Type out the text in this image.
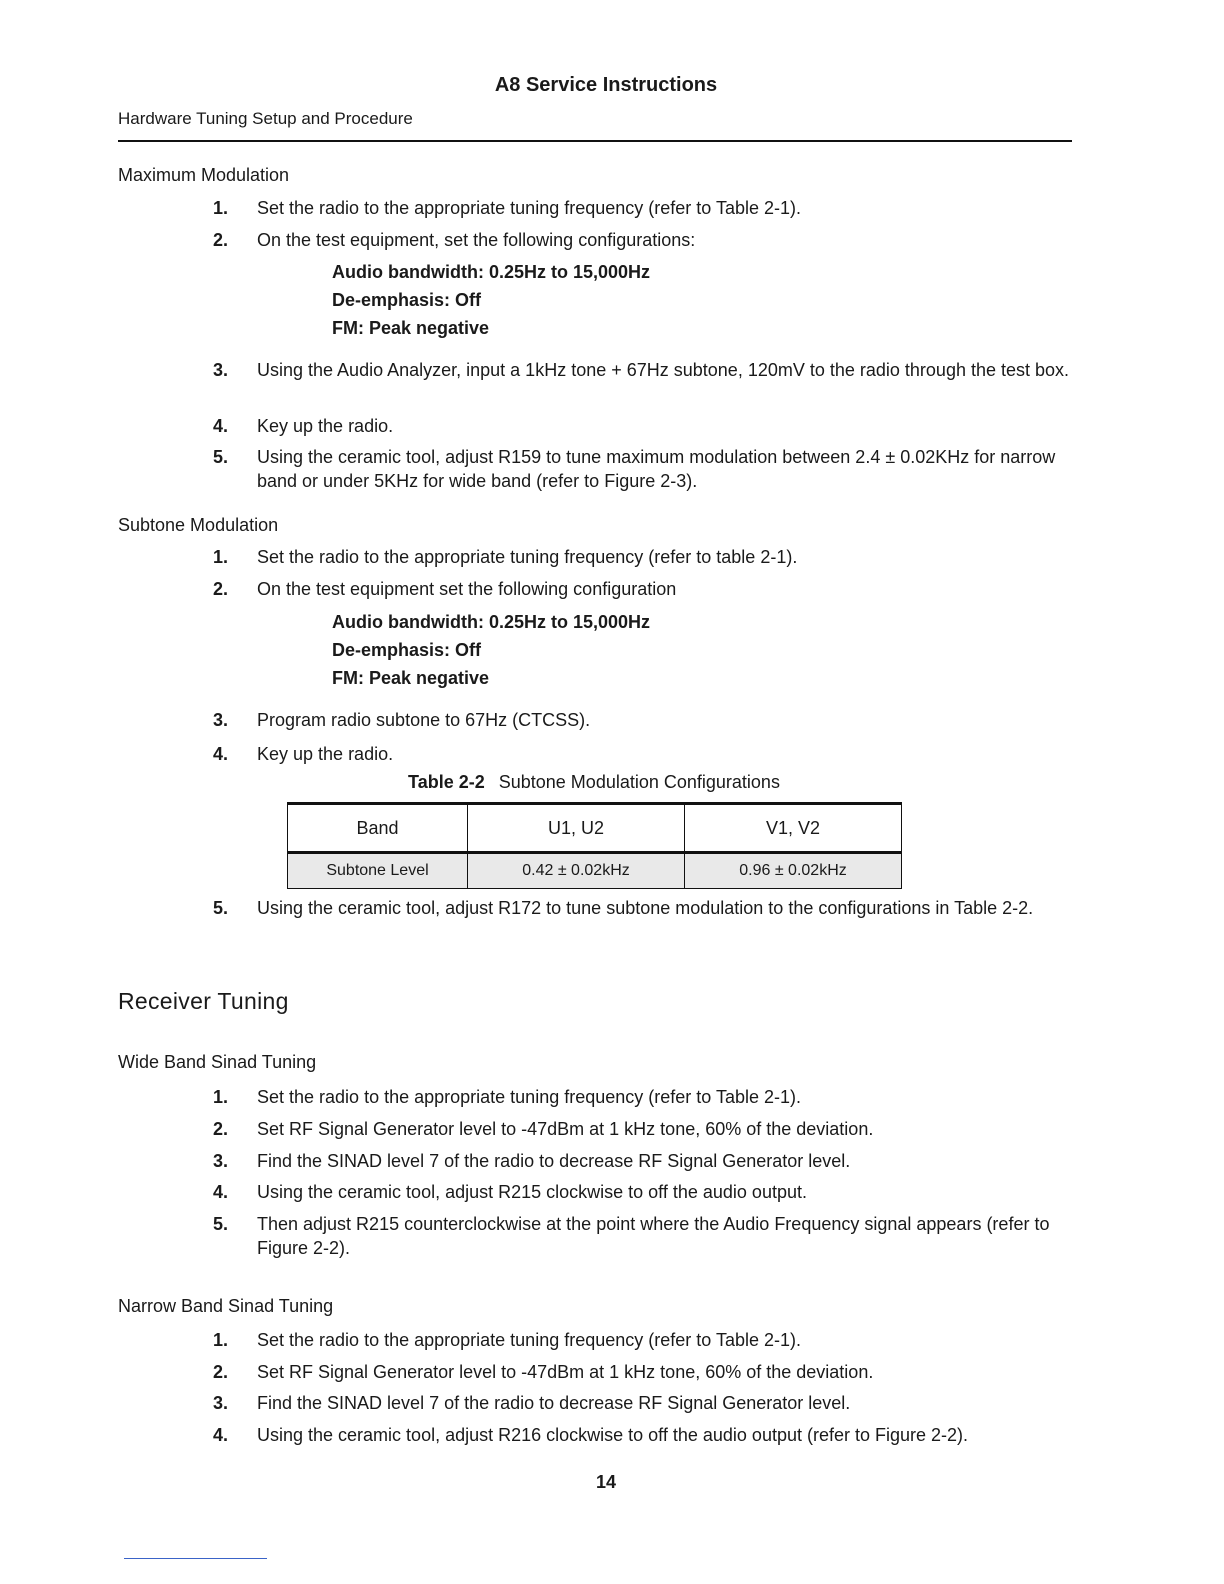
A8 Service Instructions
Hardware Tuning Setup and Procedure
Maximum Modulation
1. Set the radio to the appropriate tuning frequency (refer to Table 2-1).
2. On the test equipment, set the following configurations:
Audio bandwidth: 0.25Hz to 15,000Hz
De-emphasis: Off
FM: Peak negative
3. Using the Audio Analyzer, input a 1kHz tone + 67Hz subtone, 120mV to the radio through the test box.
4. Key up the radio.
5. Using the ceramic tool, adjust R159 to tune maximum modulation between 2.4 ± 0.02KHz for narrow band or under 5KHz for wide band (refer to Figure 2-3).
Subtone Modulation
1. Set the radio to the appropriate tuning frequency (refer to table 2-1).
2. On the test equipment set the following configuration
Audio bandwidth: 0.25Hz to 15,000Hz
De-emphasis: Off
FM: Peak negative
3. Program radio subtone to 67Hz (CTCSS).
4. Key up the radio.
Table 2-2 Subtone Modulation Configurations
Band	U1, U2	V1, V2
Subtone Level	0.42 ± 0.02kHz	0.96 ± 0.02kHz
5. Using the ceramic tool, adjust R172 to tune subtone modulation to the configurations in Table 2-2.
Receiver Tuning
Wide Band Sinad Tuning
1. Set the radio to the appropriate tuning frequency (refer to Table 2-1).
2. Set RF Signal Generator level to -47dBm at 1 kHz tone, 60% of the deviation.
3. Find the SINAD level 7 of the radio to decrease RF Signal Generator level.
4. Using the ceramic tool, adjust R215 clockwise to off the audio output.
5. Then adjust R215 counterclockwise at the point where the Audio Frequency signal appears (refer to Figure 2-2).
Narrow Band Sinad Tuning
1. Set the radio to the appropriate tuning frequency (refer to Table 2-1).
2. Set RF Signal Generator level to -47dBm at 1 kHz tone, 60% of the deviation.
3. Find the SINAD level 7 of the radio to decrease RF Signal Generator level.
4. Using the ceramic tool, adjust R216 clockwise to off the audio output (refer to Figure 2-2).
14
